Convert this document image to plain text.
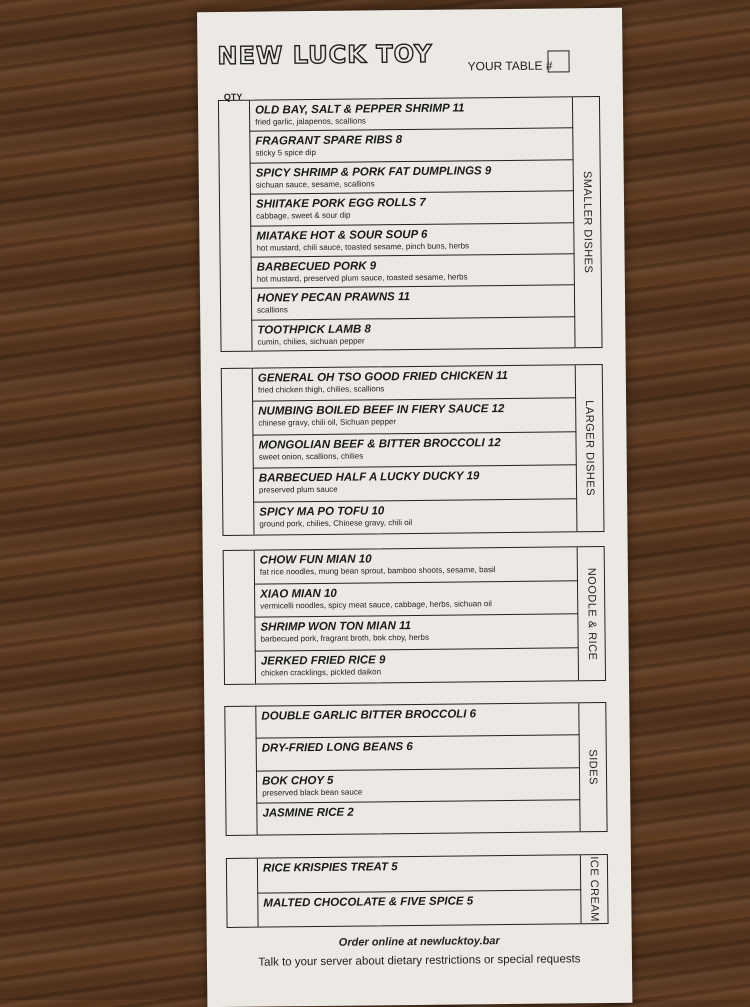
NEW LUCK TOY	YOUR TABLE #
QTY
OLD BAY, SALT & PEPPER SHRIMP 11
fried garlic, jalapenos, scallions
FRAGRANT SPARE RIBS 8
sticky 5 spice dip
SPICY SHRIMP & PORK FAT DUMPLINGS 9
sichuan sauce, sesame, scallions
SHIITAKE PORK EGG ROLLS 7
cabbage, sweet & sour dip
MIATAKE HOT & SOUR SOUP 6
hot mustard, chili sauce, toasted sesame, pinch buns, herbs
BARBECUED PORK 9
hot mustard, preserved plum sauce, toasted sesame, herbs
HONEY PECAN PRAWNS 11
scallions
TOOTHPICK LAMB 8
cumin, chilies, sichuan pepper
SMALLER DISHES
GENERAL OH TSO GOOD FRIED CHICKEN 11
fried chicken thigh, chilies, scallions
NUMBING BOILED BEEF IN FIERY SAUCE 12
chinese gravy, chili oil, Sichuan pepper
MONGOLIAN BEEF & BITTER BROCCOLI 12
sweet onion, scallions, chilies
BARBECUED HALF A LUCKY DUCKY 19
preserved plum sauce
SPICY MA PO TOFU 10
ground pork, chilies, Chinese gravy, chili oil
LARGER DISHES
CHOW FUN MIAN 10
fat rice noodles, mung bean sprout, bamboo shoots, sesame, basil
XIAO MIAN 10
vermicelli noodles, spicy meat sauce, cabbage, herbs, sichuan oil
SHRIMP WON TON MIAN 11
barbecued pork, fragrant broth, bok choy, herbs
JERKED FRIED RICE 9
chicken cracklings, pickled daikon
NOODLE & RICE
DOUBLE GARLIC BITTER BROCCOLI 6
DRY-FRIED LONG BEANS 6
BOK CHOY 5
preserved black bean sauce
JASMINE RICE 2
SIDES
RICE KRISPIES TREAT 5
MALTED CHOCOLATE & FIVE SPICE 5	ICE CREAM
Order online at newlucktoy.bar
Talk to your server about dietary restrictions or special requests
